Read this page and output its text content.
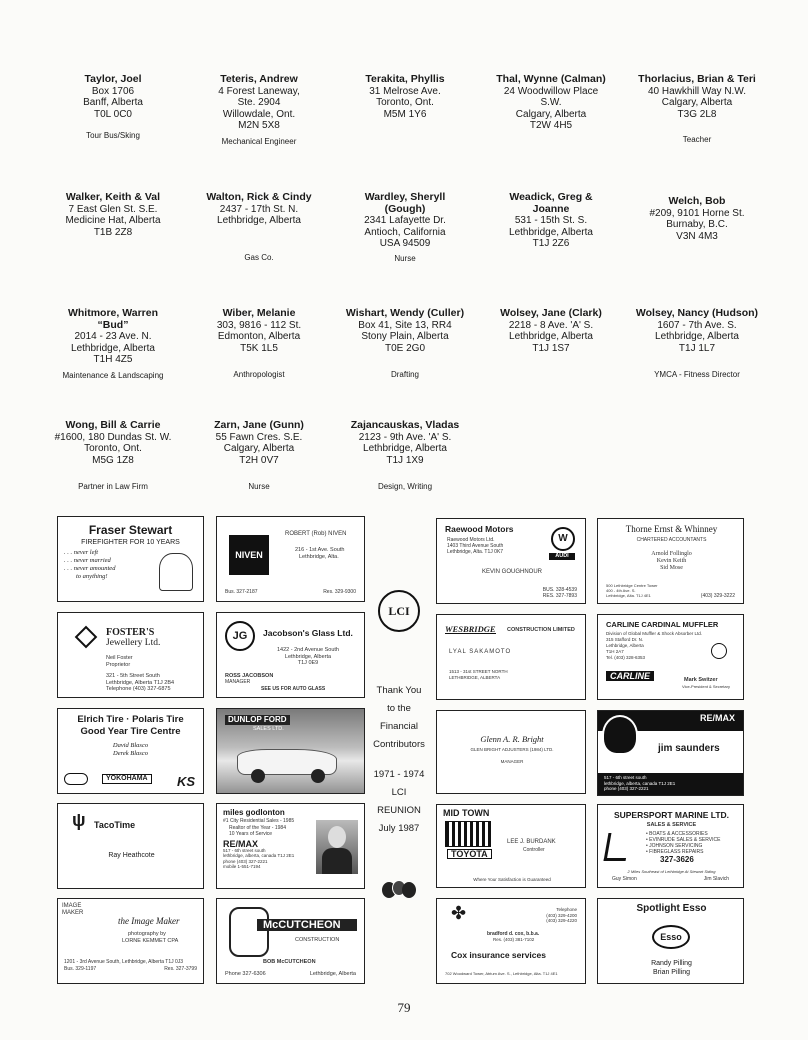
Taylor, Joel
Box 1706
Banff, Alberta
T0L 0C0
Tour Bus/Sking
Teteris, Andrew
4 Forest Laneway,
Ste. 2904
Willowdale, Ont.
M2N 5X8
Mechanical Engineer
Terakita, Phyllis
31 Melrose Ave.
Toronto, Ont.
M5M 1Y6
Thal, Wynne (Calman)
24 Woodwillow Place
S.W.
Calgary, Alberta
T2W 4H5
Thorlacius, Brian & Teri
40 Hawkhill Way N.W.
Calgary, Alberta
T3G 2L8
Teacher
Walker, Keith & Val
7 East Glen St. S.E.
Medicine Hat, Alberta
T1B 2Z8
Walton, Rick & Cindy
2437 - 17th St. N.
Lethbridge, Alberta
Gas Co.
Wardley, Sheryll (Gough)
2341 Lafayette Dr.
Antioch, California
USA 94509
Nurse
Weadick, Greg & Joanne
531 - 15th St. S.
Lethbridge, Alberta
T1J 2Z6
Welch, Bob
#209, 9101 Horne St.
Burnaby, B.C.
V3N 4M3
Whitmore, Warren “Bud”
2014 - 23 Ave. N.
Lethbridge, Alberta
T1H 4Z5
Maintenance & Landscaping
Wiber, Melanie
303, 9816 - 112 St.
Edmonton, Alberta
T5K 1L5
Anthropologist
Wishart, Wendy (Culler)
Box 41, Site 13, RR4
Stony Plain, Alberta
T0E 2G0
Drafting
Wolsey, Jane (Clark)
2218 - 8 Ave. 'A' S.
Lethbridge, Alberta
T1J 1S7
Wolsey, Nancy (Hudson)
1607 - 7th Ave. S.
Lethbridge, Alberta
T1J 1L7
YMCA - Fitness Director
Wong, Bill & Carrie
#1600, 180 Dundas St. W.
Toronto, Ont.
M5G 1Z8
Partner in Law Firm
Zarn, Jane (Gunn)
55 Fawn Cres. S.E.
Calgary, Alberta
T2H 0V7
Nurse
Zajancauskas, Vladas
2123 - 9th Ave. 'A' S.
Lethbridge, Alberta
T1J 1X9
Design, Writing
LCI
Thank You
to the
Financial
Contributors
1971 - 1974
LCI
REUNION
July 1987
Fraser Stewart
FIREFIGHTER FOR 10 YEARS
. . . never left
. . . never married
. . . never amounted
to anything!
FOSTER'S
Jewellery Ltd.
Neil Foster
Proprietor
321 - 5th Street South
Lethbridge, Alberta T1J 2B4
Telephone (403) 327-6875
Elrich Tire · Polaris Tire
Good Year Tire Centre
David Blasco
Derek Blasco
YOKOHAMA	KS
ψ TacoTime
Ray Heathcote
IMAGE MAKER
the Image Maker
photography by
LORNE KEMMET CPA
1201 - 3rd Avenue South, Lethbridge, Alberta T1J 0J3
Bus. 329-1197	Res. 327-3799
NIVEN
ROBERT (Rob) NIVEN
216 - 1st Ave. South
Lethbridge, Alta.
Bus. 327-2187	Res. 329-9300
JG	Jacobson's Glass Ltd.
1422 - 2nd Avenue South
Lethbridge, Alberta
T1J 0E9
ROSS JACOBSON
MANAGER
SEE US FOR AUTO GLASS
DUNLOP FORD
SALES LTD.
miles godlonton
#1 City Residential Sales - 1985
Realtor of the Year - 1984
10 Years of Service
RE/MAX
517 - 6th street south
lethbridge, alberta, canada T1J 2E1
phone (403) 327-2221
mobile 1-551-7194
McCUTCHEON
CONSTRUCTION
BOB McCUTCHEON
Phone 327-6306	Lethbridge, Alberta
Raewood Motors
Raewood Motors Ltd.
1403 Third Avenue South
Lethbridge, Alta. T1J 0K7
W
AUDI
KEVIN GOUGHNOUR
BUS. 328-4539
RES. 327-7893
WESBRIDGE CONSTRUCTION LIMITED
LYAL SAKAMOTO
1513 - 31st STREET NORTH
LETHBRIDGE, ALBERTA
Glenn A. R. Bright
GLEN BRIGHT ADJUSTERS (1984) LTD.
MANAGER
MID TOWN
TOYOTA
LEE J. BURDANK
Controller
Where Your Satisfaction is Guaranteed
✤	Telephone
(403) 329-4200
(403) 329-4220
bradford d. cox, b.b.a.
Res. (403) 381-7102
Cox insurance services
702 Woodward Tower, Atrium Ave. S., Lethbridge, Alta. T1J 4E1
Thorne Ernst & Whinney
CHARTERED ACCOUNTANTS
Arnold Follinglo
Kevin Keith
Sid Mose
500 Lethbridge Centre Tower
400 - 4th Ave. S.
Lethbridge, Alta. T1J 4E1	(403) 329-3222
CARLINE CARDINAL MUFFLER
Division of Global Muffler & Shock Absorber Ltd.
315 Stafford Dr. N.
Lethbridge, Alberta
T1H 2A7
Tel. (403) 328-6353
CARLINE	Mark Switzer
Vice-President & Secretary
RE/MAX
jim saunders
517 - 6th street south
lethbridge, alberta, canada T1J 2E1
phone (403) 327-2221
SUPERSPORT MARINE LTD.
SALES & SERVICE
• BOATS & ACCESSORIES
• EVINRUDE SALES & SERVICE
• JOHNSON SERVICING
• FIBREGLASS REPAIRS
327-3626
2 Miles Southeast of Lethbridge At Stewart Siding
Guy Simon	Jim Slavich
Spotlight Esso
Esso
Randy Pilling
Brian Pilling
79
